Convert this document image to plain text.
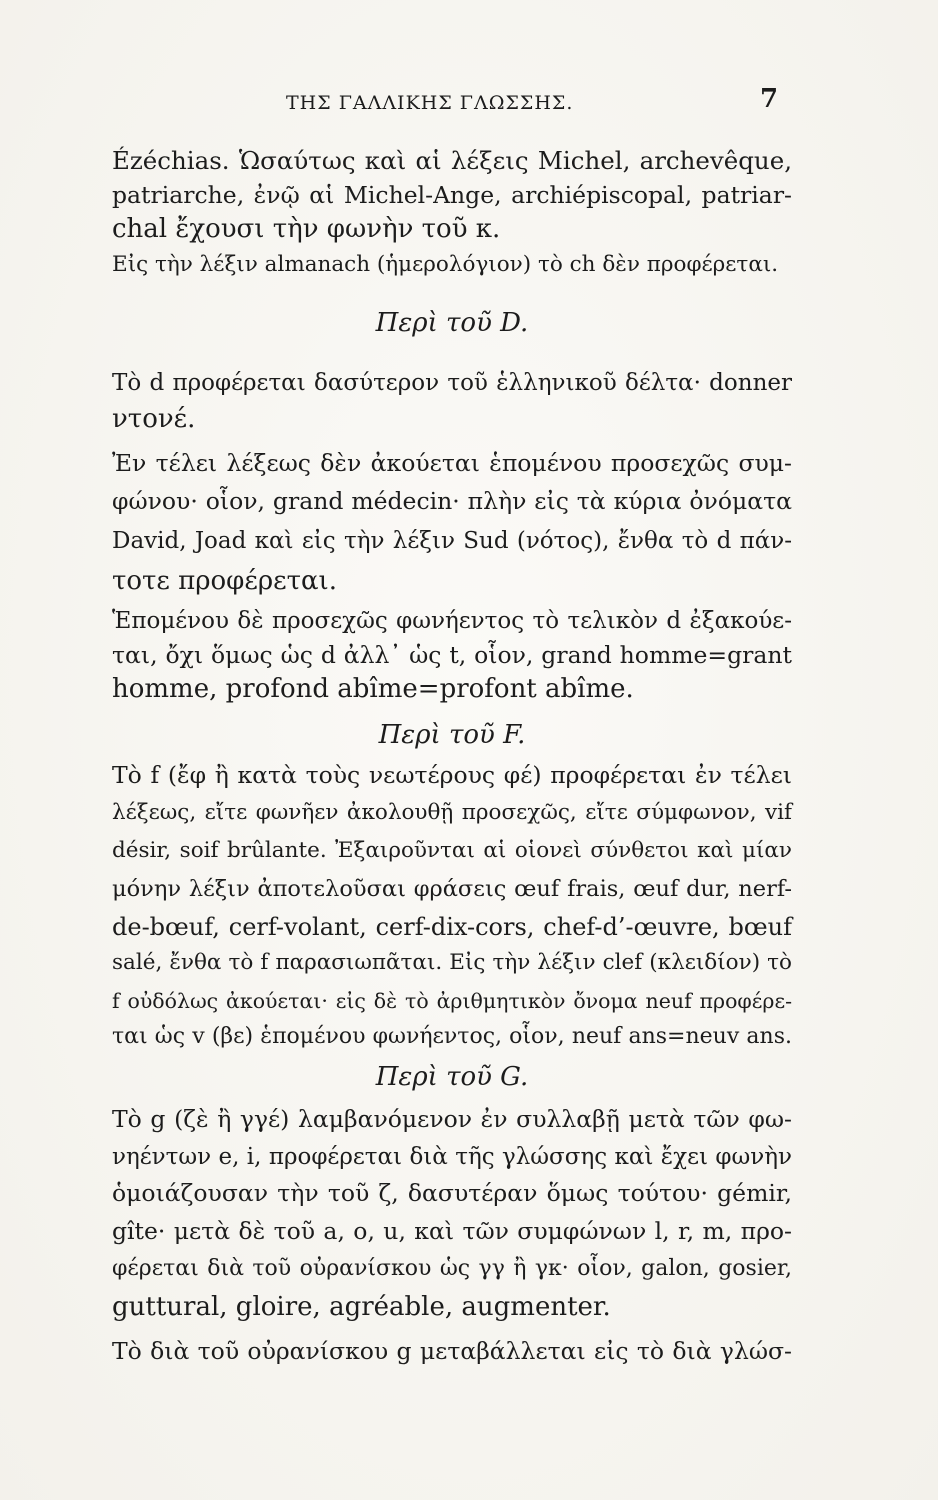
ΤΗΣ ΓΑΛΛΙΚΗΣ ΓΛΩΣΣΗΣ.	7
Ézéchias. Ὡσαύτως καὶ αἱ λέξεις Michel, archevêque,
patriarche, ἐνῷ αἱ Michel-Ange, archiépiscopal, patriar-
chal ἔχουσι τὴν φωνὴν τοῦ κ.
Εἰς τὴν λέξιν almanach (ἡμερολόγιον) τὸ ch δὲν προφέρεται.
Περὶ τοῦ D.
Τὸ d προφέρεται δασύτερον τοῦ ἑλληνικοῦ δέλτα· donner
ντονέ.
Ἐν τέλει λέξεως δὲν ἀκούεται ἑπομένου προσεχῶς συμ-
φώνου· οἷον, grand médecin· πλὴν εἰς τὰ κύρια ὀνόματα
David, Joad καὶ εἰς τὴν λέξιν Sud (νότος), ἔνθα τὸ d πάν-
τοτε προφέρεται.
Ἑπομένου δὲ προσεχῶς φωνήεντος τὸ τελικὸν d ἐξακούε-
ται, ὄχι ὅμως ὡς d ἀλλ᾽ ὡς t, οἷον, grand homme=grant
homme, profond abîme=profont abîme.
Περὶ τοῦ F.
Τὸ f (ἔφ ἢ κατὰ τοὺς νεωτέρους φέ) προφέρεται ἐν τέλει
λέξεως, εἴτε φωνῆεν ἀκολουθῇ προσεχῶς, εἴτε σύμφωνον, vif
désir, soif brûlante. Ἐξαιροῦνται αἱ οἱονεὶ σύνθετοι καὶ μίαν
μόνην λέξιν ἀποτελοῦσαι φράσεις œuf frais, œuf dur, nerf-
de-bœuf, cerf-volant, cerf-dix-cors, chef-d’-œuvre, bœuf
salé, ἔνθα τὸ f παρασιωπᾶται. Εἰς τὴν λέξιν clef (κλειδίον) τὸ
f οὐδόλως ἀκούεται· εἰς δὲ τὸ ἀριθμητικὸν ὄνομα neuf προφέρε-
ται ὡς v (βε) ἑπομένου φωνήεντος, οἷον, neuf ans=neuv ans.
Περὶ τοῦ G.
Τὸ g (ζὲ ἢ γγέ) λαμβανόμενον ἐν συλλαβῇ μετὰ τῶν φω-
νηέντων e, i, προφέρεται διὰ τῆς γλώσσης καὶ ἔχει φωνὴν
ὁμοιάζουσαν τὴν τοῦ ζ, δασυτέραν ὅμως τούτου· gémir,
gîte· μετὰ δὲ τοῦ a, o, u, καὶ τῶν συμφώνων l, r, m, προ-
φέρεται διὰ τοῦ οὐρανίσκου ὡς γγ ἢ γκ· οἷον, galon, gosier,
guttural, gloire, agréable, augmenter.
Τὸ διὰ τοῦ οὐρανίσκου g μεταβάλλεται εἰς τὸ διὰ γλώσ-
